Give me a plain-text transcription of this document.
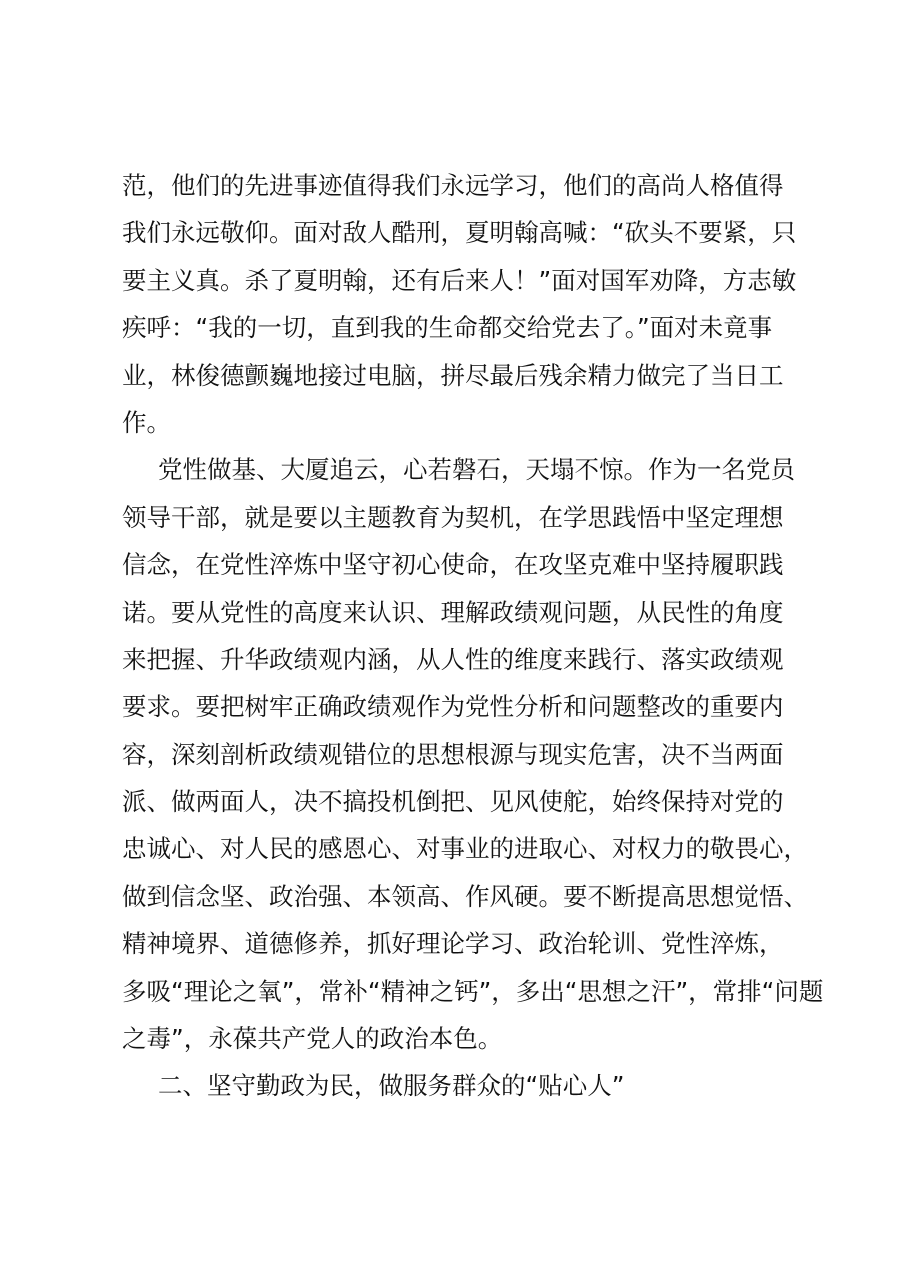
范，他们的先进事迹值得我们永远学习，他们的高尚人格值得
我们永远敬仰。面对敌人酷刑，夏明翰高喊：“砍头不要紧，只
要主义真。杀了夏明翰，还有后来人！”面对国军劝降，方志敏
疾呼：“我的一切，直到我的生命都交给党去了。”面对未竟事
业，林俊德颤巍地接过电脑，拼尽最后残余精力做完了当日工
作。
党性做基、大厦追云，心若磐石，天塌不惊。作为一名党员
领导干部，就是要以主题教育为契机，在学思践悟中坚定理想
信念，在党性淬炼中坚守初心使命，在攻坚克难中坚持履职践
诺。要从党性的高度来认识、理解政绩观问题，从民性的角度
来把握、升华政绩观内涵，从人性的维度来践行、落实政绩观
要求。要把树牢正确政绩观作为党性分析和问题整改的重要内
容，深刻剖析政绩观错位的思想根源与现实危害，决不当两面
派、做两面人，决不搞投机倒把、见风使舵，始终保持对党的
忠诚心、对人民的感恩心、对事业的进取心、对权力的敬畏心，
做到信念坚、政治强、本领高、作风硬。要不断提高思想觉悟、
精神境界、道德修养，抓好理论学习、政治轮训、党性淬炼，
多吸“理论之氧”，常补“精神之钙”，多出“思想之汗”，常排“问题
之毒”，永葆共产党人的政治本色。
二、坚守勤政为民，做服务群众的“贴心人”
